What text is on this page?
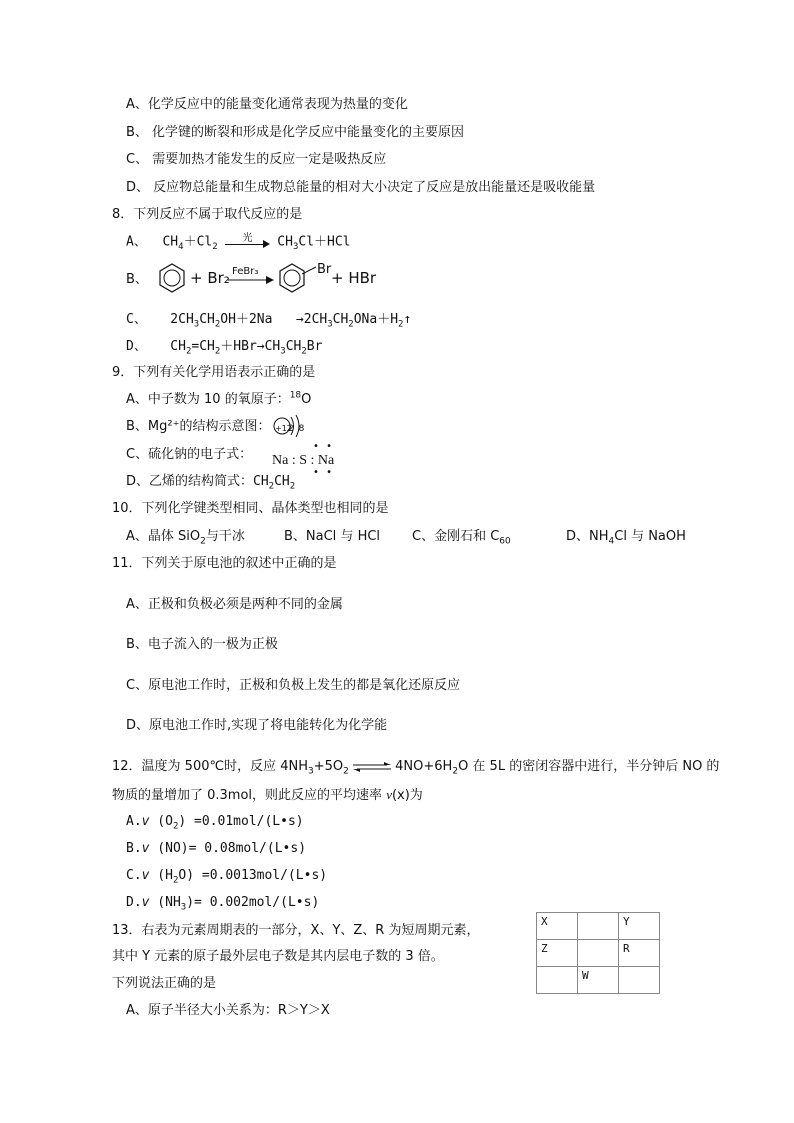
A、化学反应中的能量变化通常表现为热量的变化
B、 化学键的断裂和形成是化学反应中能量变化的主要原因
C、 需要加热才能发生的反应一定是吸热反应
D、 反应物总能量和生成物总能量的相对大小决定了反应是放出能量还是吸收能量
8．下列反应不属于取代反应的是
A、  $CH_4+Cl_2$
光	$CH_3Cl+HCl$
B、	+ Br₂ FeBr₃	Br + HBr
C、   $2CH_3CH_2OH+2Na$   $\to 2CH_3CH_2ONa+H_2↑$
D、   $CH_2=CH_2+HBr\to CH_3CH_2Br$
9．下列有关化学用语表示正确的是
A、中子数为 10 的氧原子：$^{18}$O
B、Mg²⁺的结构示意图： +12
2 8
C、硫化钠的电子式： Na : S : Na
• •
• •
D、乙烯的结构简式：$CH_2CH_2$
10．下列化学键类型相同、晶体类型也相同的是
A、晶体 SiO$_2$与干冰	B、NaCl 与 HCl C、金刚石和 $C_{60}$	D、$NH_4Cl$ 与 NaOH
11．下列关于原电池的叙述中正确的是
A、正极和负极必须是两种不同的金属
B、电子流入的一极为正极
C、原电池工作时，正极和负极上发生的都是氧化还原反应
D、原电池工作时,实现了将电能转化为化学能
12．温度为 500℃时，反应 $4NH_3+5O_2$ ⇌ $4NO+6H_2O$ 在 5L 的密闭容器中进行，半分钟后 NO 的
物质的量增加了 0.3mol，则此反应的平均速率 v(x)为
A.v $(O_2)$ =0.01mol/(L•s)
B.v (NO)= 0.08mol/(L•s)
C.v $(H_2O)$ =0.0013mol/(L•s)
D.v $(NH_3)=$ 0.002mol/(L•s)
13．右表为元素周期表的一部分，X、Y、Z、R 为短周期元素，
其中 Y 元素的原子最外层电子数是其内层电子数的 3 倍。
下列说法正确的是
A、原子半径大小关系为：R＞Y＞X
X		Y
Z		R
	W	
